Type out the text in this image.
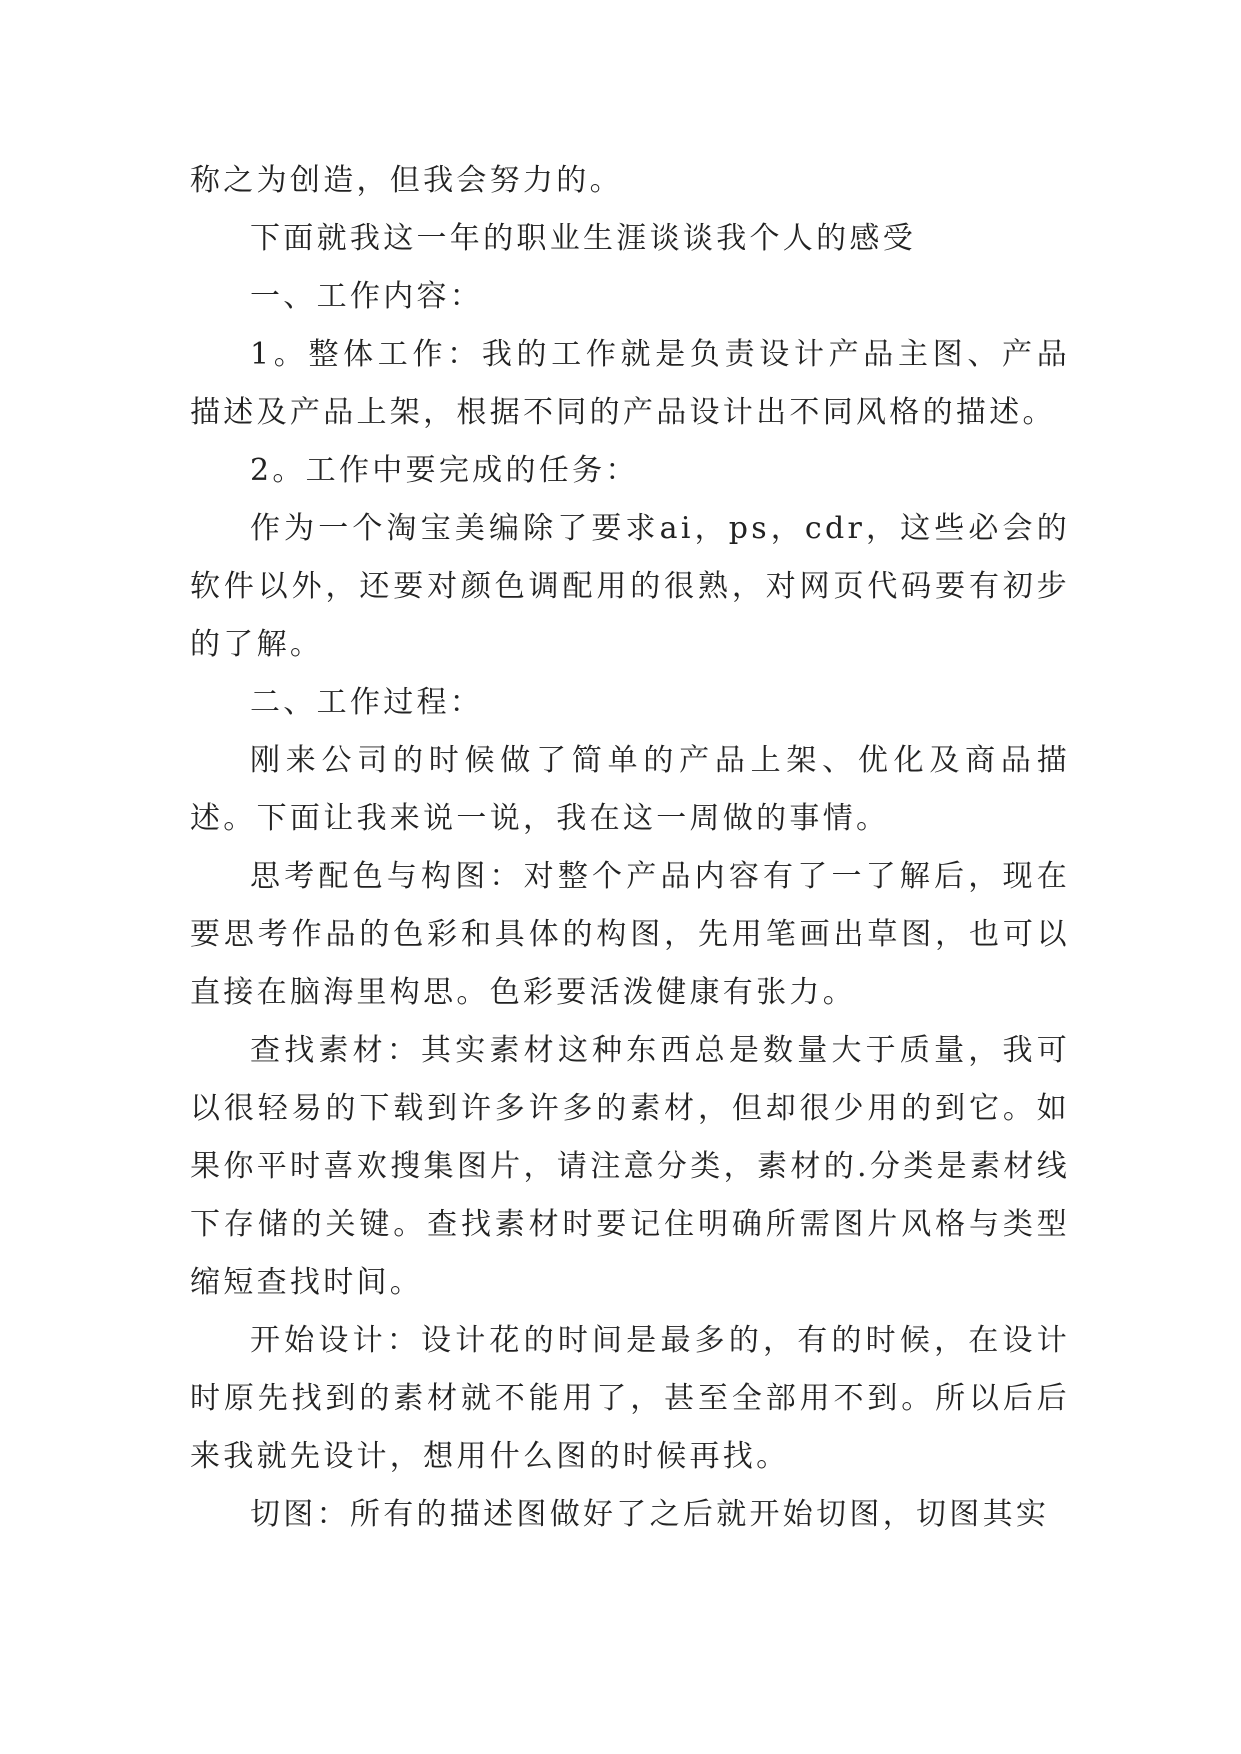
称之为创造，但我会努力的。

下面就我这一年的职业生涯谈谈我个人的感受

一、工作内容：

1。整体工作：我的工作就是负责设计产品主图、产品描述及产品上架，根据不同的产品设计出不同风格的描述。

2。工作中要完成的任务：

作为一个淘宝美编除了要求ai，ps，cdr，这些必会的软件以外，还要对颜色调配用的很熟，对网页代码要有初步的了解。

二、工作过程：

刚来公司的时候做了简单的产品上架、优化及商品描述。下面让我来说一说，我在这一周做的事情。

思考配色与构图：对整个产品内容有了一了解后，现在要思考作品的色彩和具体的构图，先用笔画出草图，也可以直接在脑海里构思。色彩要活泼健康有张力。

查找素材：其实素材这种东西总是数量大于质量，我可以很轻易的下载到许多许多的素材，但却很少用的到它。如果你平时喜欢搜集图片，请注意分类，素材的.分类是素材线下存储的关键。查找素材时要记住明确所需图片风格与类型缩短查找时间。

开始设计：设计花的时间是最多的，有的时候，在设计时原先找到的素材就不能用了，甚至全部用不到。所以后后来我就先设计，想用什么图的时候再找。

切图：所有的描述图做好了之后就开始切图，切图其实
